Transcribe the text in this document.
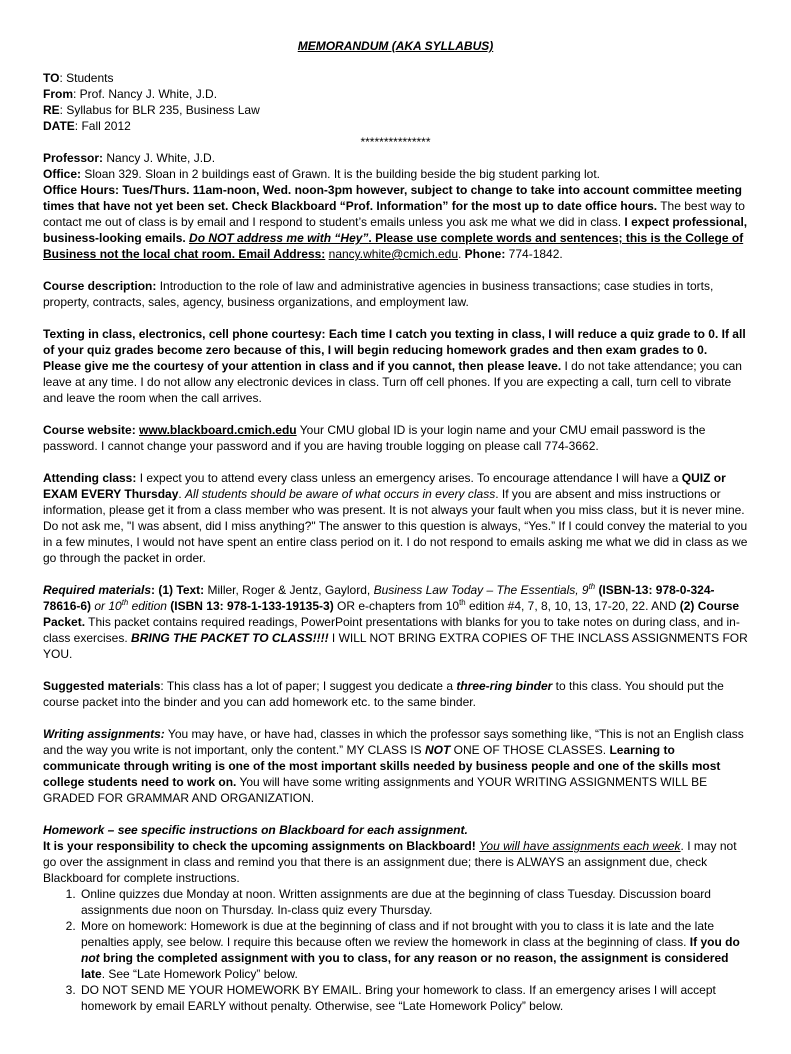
MEMORANDUM (AKA SYLLABUS)

TO: Students

From: Prof. Nancy J. White, J.D.

RE: Syllabus for BLR 235, Business Law

DATE: Fall 2012

***************

Professor: Nancy J. White, J.D.

Office: Sloan 329. Sloan in 2 buildings east of Grawn. It is the building beside the big student parking lot.

Office Hours: Tues/Thurs. 11am-noon, Wed. noon-3pm however, subject to change to take into account committee meeting times that have not yet been set. Check Blackboard “Prof. Information” for the most up to date office hours. The best way to contact me out of class is by email and I respond to student’s emails unless you ask me what we did in class. I expect professional, business-looking emails. Do NOT address me with “Hey”. Please use complete words and sentences; this is the College of Business not the local chat room. Email Address: nancy.white@cmich.edu. Phone: 774-1842.

Course description: Introduction to the role of law and administrative agencies in business transactions; case studies in torts, property, contracts, sales, agency, business organizations, and employment law.

Texting in class, electronics, cell phone courtesy: Each time I catch you texting in class, I will reduce a quiz grade to 0. If all of your quiz grades become zero because of this, I will begin reducing homework grades and then exam grades to 0. Please give me the courtesy of your attention in class and if you cannot, then please leave. I do not take attendance; you can leave at any time. I do not allow any electronic devices in class. Turn off cell phones. If you are expecting a call, turn cell to vibrate and leave the room when the call arrives.

Course website: www.blackboard.cmich.edu Your CMU global ID is your login name and your CMU email password is the password. I cannot change your password and if you are having trouble logging on please call 774-3662.

Attending class: I expect you to attend every class unless an emergency arises. To encourage attendance I will have a QUIZ or EXAM EVERY Thursday. All students should be aware of what occurs in every class. If you are absent and miss instructions or information, please get it from a class member who was present. It is not always your fault when you miss class, but it is never mine. Do not ask me, "I was absent, did I miss anything?" The answer to this question is always, “Yes.” If I could convey the material to you in a few minutes, I would not have spent an entire class period on it. I do not respond to emails asking me what we did in class as we go through the packet in order.

Required materials: (1) Text: Miller, Roger & Jentz, Gaylord, Business Law Today – The Essentials, 9th (ISBN-13: 978-0-324-78616-6) or 10th edition (ISBN 13: 978-1-133-19135-3) OR e-chapters from 10th edition #4, 7, 8, 10, 13, 17-20, 22. AND (2) Course Packet. This packet contains required readings, PowerPoint presentations with blanks for you to take notes on during class, and in-class exercises. BRING THE PACKET TO CLASS!!!! I WILL NOT BRING EXTRA COPIES OF THE INCLASS ASSIGNMENTS FOR YOU.

Suggested materials: This class has a lot of paper; I suggest you dedicate a three-ring binder to this class. You should put the course packet into the binder and you can add homework etc. to the same binder.

Writing assignments: You may have, or have had, classes in which the professor says something like, “This is not an English class and the way you write is not important, only the content.” MY CLASS IS NOT ONE OF THOSE CLASSES. Learning to communicate through writing is one of the most important skills needed by business people and one of the skills most college students need to work on. You will have some writing assignments and YOUR WRITING ASSIGNMENTS WILL BE GRADED FOR GRAMMAR AND ORGANIZATION.

Homework – see specific instructions on Blackboard for each assignment.

It is your responsibility to check the upcoming assignments on Blackboard! You will have assignments each week. I may not go over the assignment in class and remind you that there is an assignment due; there is ALWAYS an assignment due, check Blackboard for complete instructions.

1. Online quizzes due Monday at noon. Written assignments are due at the beginning of class Tuesday. Discussion board assignments due noon on Thursday. In-class quiz every Thursday.
2. More on homework: Homework is due at the beginning of class and if not brought with you to class it is late and the late penalties apply, see below. I require this because often we review the homework in class at the beginning of class. If you do not bring the completed assignment with you to class, for any reason or no reason, the assignment is considered late. See “Late Homework Policy” below.
3. DO NOT SEND ME YOUR HOMEWORK BY EMAIL. Bring your homework to class. If an emergency arises I will accept homework by email EARLY without penalty. Otherwise, see “Late Homework Policy” below.
